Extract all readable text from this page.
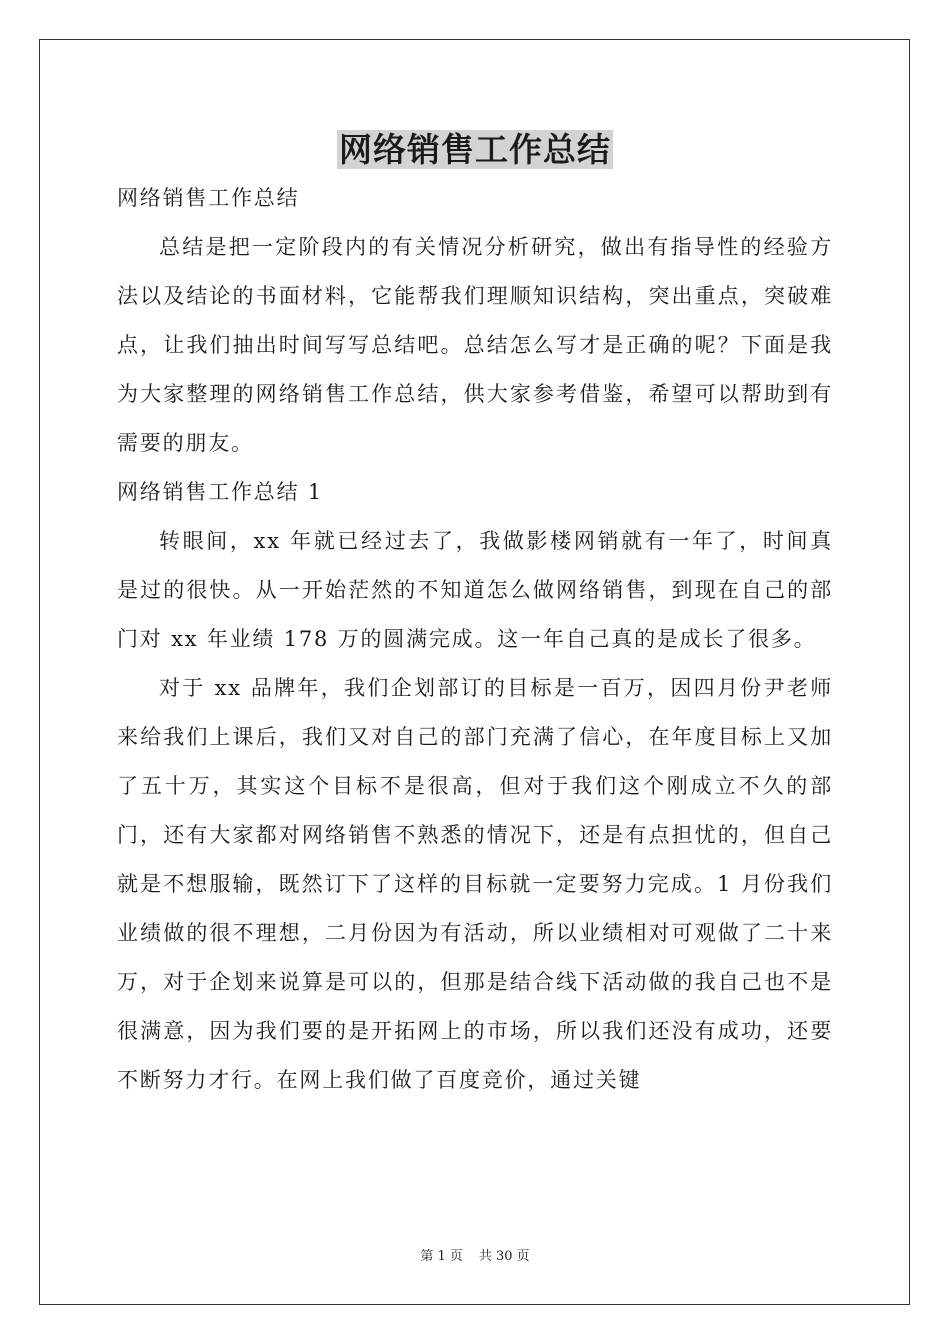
网络销售工作总结

网络销售工作总结

总结是把一定阶段内的有关情况分析研究，做出有指导性的经验方法以及结论的书面材料，它能帮我们理顺知识结构，突出重点，突破难点，让我们抽出时间写写总结吧。总结怎么写才是正确的呢？下面是我为大家整理的网络销售工作总结，供大家参考借鉴，希望可以帮助到有需要的朋友。

网络销售工作总结 1

转眼间，xx 年就已经过去了，我做影楼网销就有一年了，时间真是过的很快。从一开始茫然的不知道怎么做网络销售，到现在自己的部门对 xx 年业绩 178 万的圆满完成。这一年自己真的是成长了很多。

对于 xx 品牌年，我们企划部订的目标是一百万，因四月份尹老师来给我们上课后，我们又对自己的部门充满了信心，在年度目标上又加了五十万，其实这个目标不是很高，但对于我们这个刚成立不久的部门，还有大家都对网络销售不熟悉的情况下，还是有点担忧的，但自己就是不想服输，既然订下了这样的目标就一定要努力完成。1 月份我们业绩做的很不理想，二月份因为有活动，所以业绩相对可观做了二十来万，对于企划来说算是可以的，但那是结合线下活动做的我自己也不是很满意，因为我们要的是开拓网上的市场，所以我们还没有成功，还要不断努力才行。在网上我们做了百度竞价，通过关键

第 1 页 共 30 页
